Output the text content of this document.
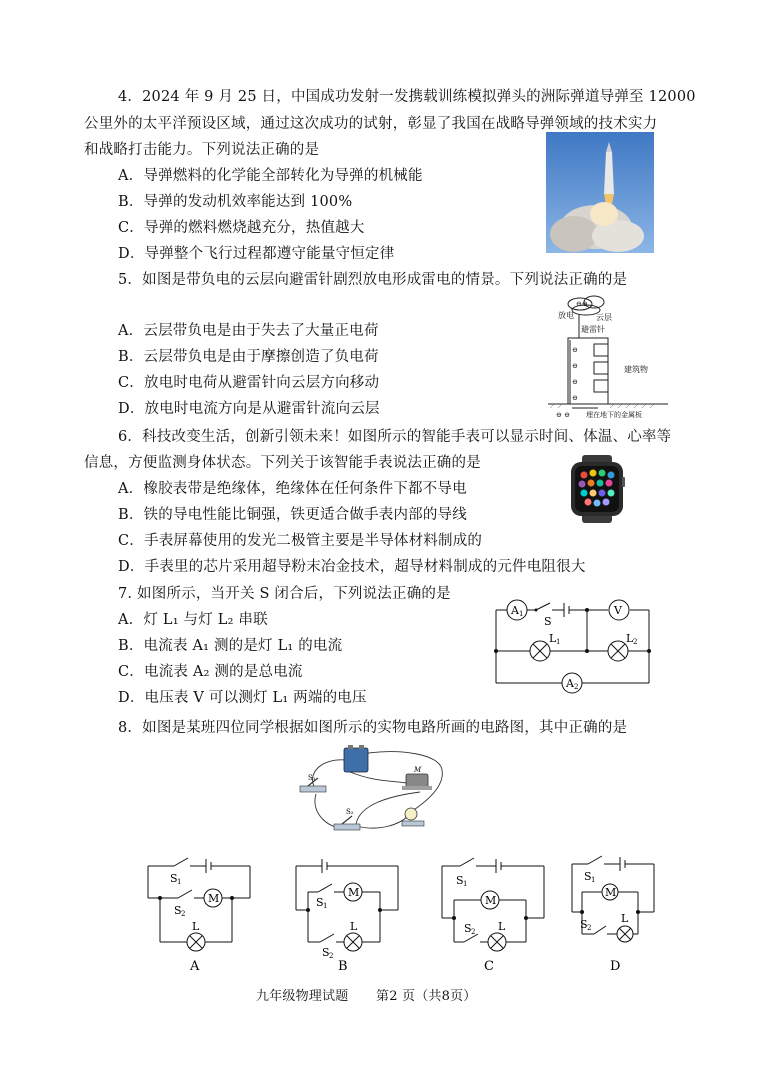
4．2024 年 9 月 25 日，中国成功发射一发携载训练模拟弹头的洲际弹道导弹至 12000
公里外的太平洋预设区域，通过这次成功的试射，彰显了我国在战略导弹领域的技术实力
和战略打击能力。下列说法正确的是
A．导弹燃料的化学能全部转化为导弹的机械能
B．导弹的发动机效率能达到 100%
C．导弹的燃料燃烧越充分，热值越大
D．导弹整个飞行过程都遵守能量守恒定律
5．如图是带负电的云层向避雷针剧烈放电形成雷电的情景。下列说法正确的是
A．云层带负电是由于失去了大量正电荷
B．云层带负电是由于摩擦创造了负电荷
C．放电时电荷从避雷针向云层方向移动
D．放电时电流方向是从避雷针流向云层
⊖⊖
⊖
⊖
⊖
⊖
⊖ ⊖
放电	云层
避雷针
建筑物
埋在地下的金属板
6．科技改变生活，创新引领未来！如图所示的智能手表可以显示时间、体温、心率等
信息，方便监测身体状态。下列关于该智能手表说法正确的是
A．橡胶表带是绝缘体，绝缘体在任何条件下都不导电
B．铁的导电性能比铜强，铁更适合做手表内部的导线
C．手表屏幕使用的发光二极管主要是半导体材料制成的
D．手表里的芯片采用超导粉末冶金技术，超导材料制成的元件电阻很大
7. 如图所示，当开关 S 闭合后，下列说法正确的是
A．灯 L₁ 与灯 L₂ 串联
B．电流表 A₁ 测的是灯 L₁ 的电流
C．电流表 A₂ 测的是总电流
D．电压表 V 可以测灯 L₁ 两端的电压
A 1	V
S
L 1	L 2
A 2
8．如图是某班四位同学根据如图所示的实物电路所画的电路图，其中正确的是
S₁
S₂
M
S 1
S 2
M
L
A
S 1
M
L
S 2
B
S 1
M
S 2 L
C
S 1
M
S 2
L
D
九年级物理试题 第2 页（共8页）
